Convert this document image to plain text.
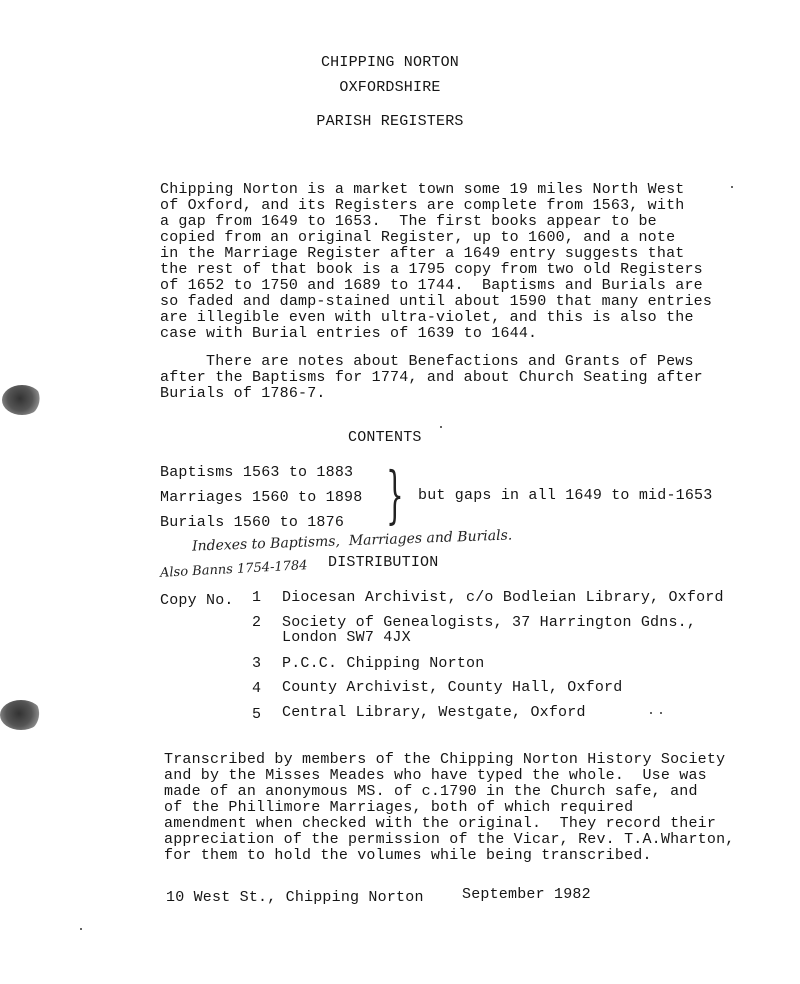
CHIPPING NORTON
OXFORDSHIRE
PARISH REGISTERS
Chipping Norton is a market town some 19 miles North West
of Oxford, and its Registers are complete from 1563, with
a gap from 1649 to 1653.  The first books appear to be
copied from an original Register, up to 1600, and a note
in the Marriage Register after a 1649 entry suggests that
the rest of that book is a 1795 copy from two old Registers
of 1652 to 1750 and 1689 to 1744.  Baptisms and Burials are
so faded and damp-stained until about 1590 that many entries
are illegible even with ultra-violet, and this is also the
case with Burial entries of 1639 to 1644.
There are notes about Benefactions and Grants of Pews
after the Baptisms for 1774, and about Church Seating after
Burials of 1786-7.
CONTENTS
Baptisms 1563 to 1883
Marriages 1560 to 1898
Burials 1560 to 1876 } but gaps in all 1649 to mid-1653
Indexes to Baptisms,  Marriages and Burials.
Also Banns 1754-1784 DISTRIBUTION
Copy No. 1 Diocesan Archivist, c/o Bodleian Library, Oxford
2 Society of Genealogists, 37 Harrington Gdns.,
London SW7 4JX
3 P.C.C. Chipping Norton
4 County Archivist, County Hall, Oxford
5 Central Library, Westgate, Oxford
Transcribed by members of the Chipping Norton History Society
and by the Misses Meades who have typed the whole.  Use was
made of an anonymous MS. of c.1790 in the Church safe, and
of the Phillimore Marriages, both of which required
amendment when checked with the original.  They record their
appreciation of the permission of the Vicar, Rev. T.A.Wharton,
for them to hold the volumes while being transcribed.
10 West St., Chipping Norton	September 1982
